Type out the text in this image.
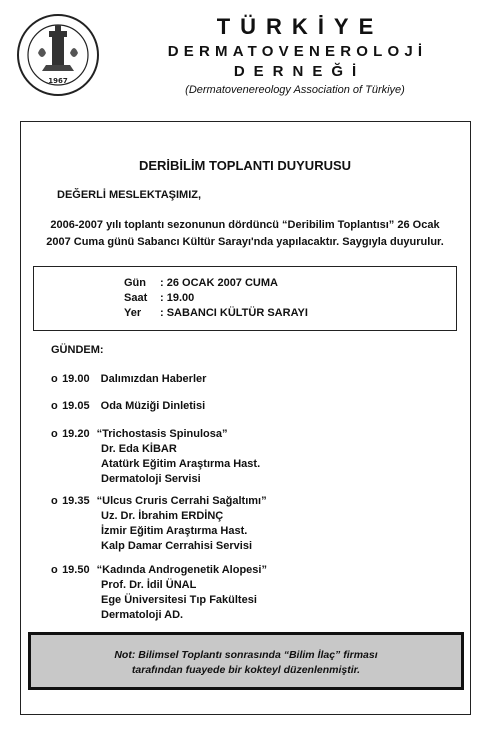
1967
TÜRKİYE
DERMATOVENEROLOJİ
DERNEĞİ
(Dermatovenereology Association of Türkiye)
DERİBİLİM TOPLANTI DUYURUSU
DEĞERLİ MESLEKTAŞIMIZ,
2006-2007 yılı toplantı sezonunun dördüncü “Deribilim Toplantısı” 26 Ocak
2007 Cuma günü Sabancı Kültür Sarayı'nda yapılacaktır. Saygıyla duyurulur.
Gün : 26 OCAK 2007 CUMA
Saat : 19.00
Yer : SABANCI KÜLTÜR SARAYI
GÜNDEM:
o 19.00 Dalımızdan Haberler
o 19.05 Oda Müziği Dinletisi
o 19.20 “Trichostasis Spinulosa”
Dr. Eda KİBAR
Atatürk Eğitim Araştırma Hast.
Dermatoloji Servisi
o 19.35 “Ulcus Cruris Cerrahi Sağaltımı”
Uz. Dr. İbrahim ERDİNÇ
İzmir Eğitim Araştırma Hast.
Kalp Damar Cerrahisi Servisi
o 19.50 “Kadında Androgenetik Alopesi”
Prof. Dr. İdil ÜNAL
Ege Üniversitesi Tıp Fakültesi
Dermatoloji AD.
Not: Bilimsel Toplantı sonrasında “Bilim İlaç” firması
tarafından fuayede bir kokteyl düzenlenmiştir.
